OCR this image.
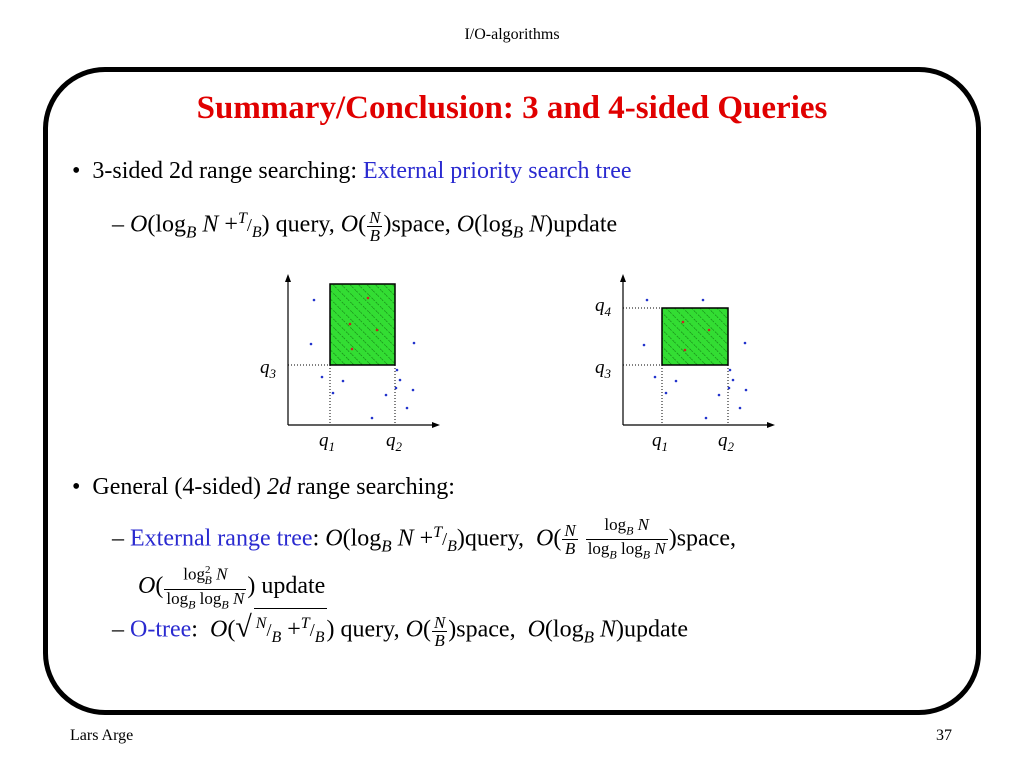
I/O-algorithms
Summary/Conclusion: 3 and 4-sided Queries
• 3-sided 2d range searching: External priority search tree
– $O(\log_B$ $N +^T/_B$) query, $O( \frac{N}{B}$ )space, $O(\log_B$ N)update
$q_3$
$q_1$	$q_2$
$q_4$
$q_3$
$q_1$	$q_2$
• General (4-sided) 2d range searching:
– External range tree: $O(\log_B$ $N +^T/_B)query$, $O( \frac{N}{B}$
$\frac{\log_B N}{\log_B \log_B N}$ )space,
$O( \frac{\log^2_B N}{\log_B \log_B N}$ ) update
– O-tree: O(√ $^N/_B +^T/_B$) query, $O( \frac{N}{B}$ )space, $O(\log_B$ N)update
Lars Arge	37
